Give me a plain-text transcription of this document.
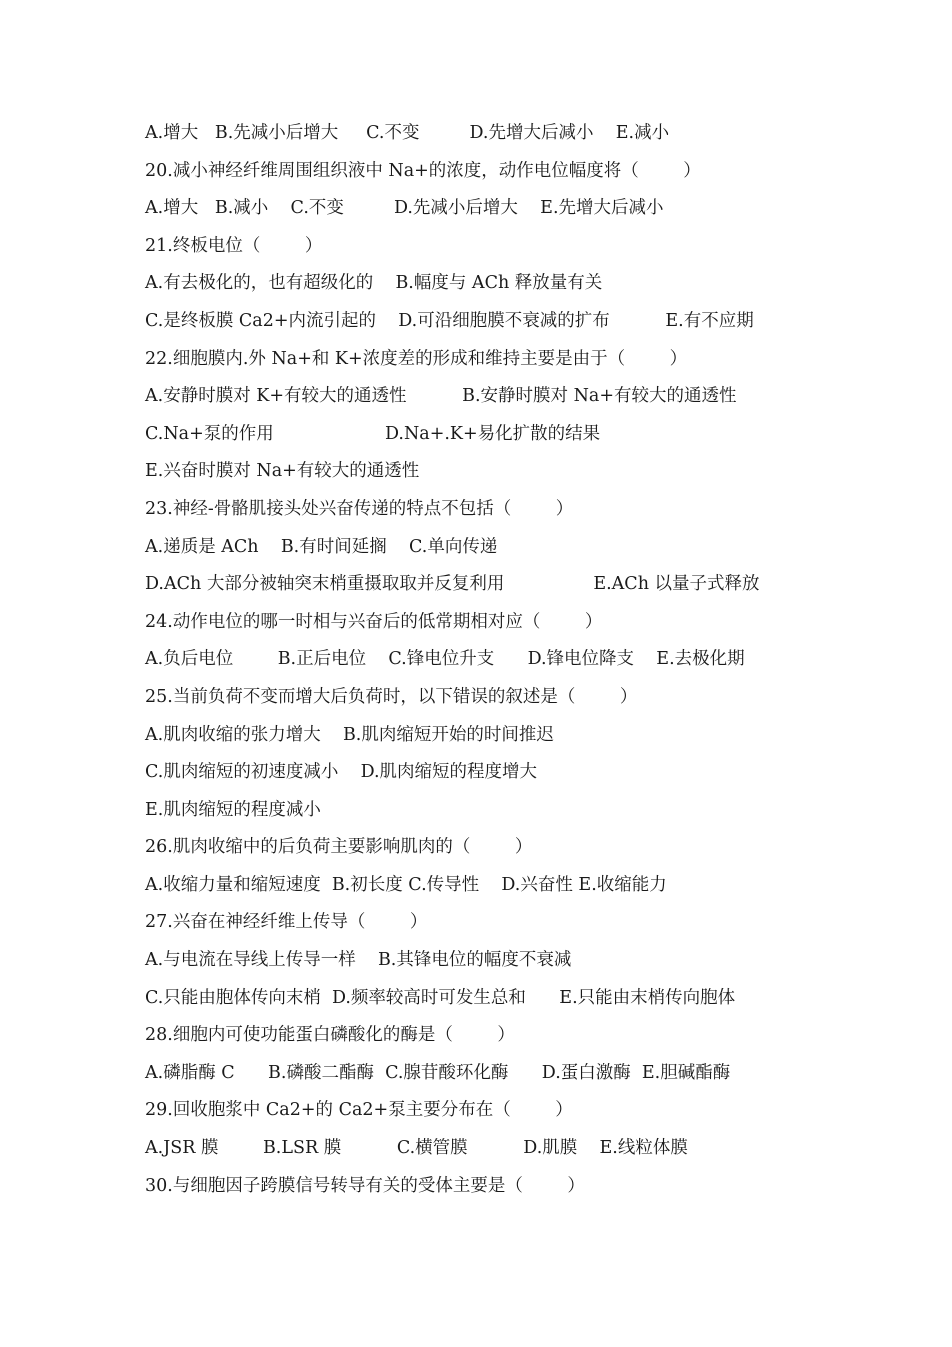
A.增大   B.先减小后增大     C.不变         D.先增大后减小    E.减小
20.减小神经纤维周围组织液中 Na+的浓度，动作电位幅度将（        ）
A.增大   B.减小    C.不变         D.先减小后增大    E.先增大后减小
21.终板电位（        ）
A.有去极化的，也有超级化的    B.幅度与 ACh 释放量有关
C.是终板膜 Ca2+内流引起的    D.可沿细胞膜不衰减的扩布          E.有不应期
22.细胞膜内.外 Na+和 K+浓度差的形成和维持主要是由于（        ）
A.安静时膜对 K+有较大的通透性          B.安静时膜对 Na+有较大的通透性
C.Na+泵的作用                    D.Na+.K+易化扩散的结果
E.兴奋时膜对 Na+有较大的通透性
23.神经-骨骼肌接头处兴奋传递的特点不包括（        ）
A.递质是 ACh    B.有时间延搁    C.单向传递
D.ACh 大部分被轴突末梢重摄取取并反复利用                E.ACh 以量子式释放
24.动作电位的哪一时相与兴奋后的低常期相对应（        ）
A.负后电位        B.正后电位    C.锋电位升支      D.锋电位降支    E.去极化期
25.当前负荷不变而增大后负荷时，以下错误的叙述是（        ）
A.肌肉收缩的张力增大    B.肌肉缩短开始的时间推迟
C.肌肉缩短的初速度减小    D.肌肉缩短的程度增大
E.肌肉缩短的程度减小
26.肌肉收缩中的后负荷主要影响肌肉的（        ）
A.收缩力量和缩短速度  B.初长度 C.传导性    D.兴奋性 E.收缩能力
27.兴奋在神经纤维上传导（        ）
A.与电流在导线上传导一样    B.其锋电位的幅度不衰减
C.只能由胞体传向末梢  D.频率较高时可发生总和      E.只能由末梢传向胞体
28.细胞内可使功能蛋白磷酸化的酶是（        ）
A.磷脂酶 C      B.磷酸二酯酶  C.腺苷酸环化酶      D.蛋白激酶  E.胆碱酯酶
29.回收胞浆中 Ca2+的 Ca2+泵主要分布在（        ）
A.JSR 膜        B.LSR 膜          C.横管膜          D.肌膜    E.线粒体膜
30.与细胞因子跨膜信号转导有关的受体主要是（        ）
